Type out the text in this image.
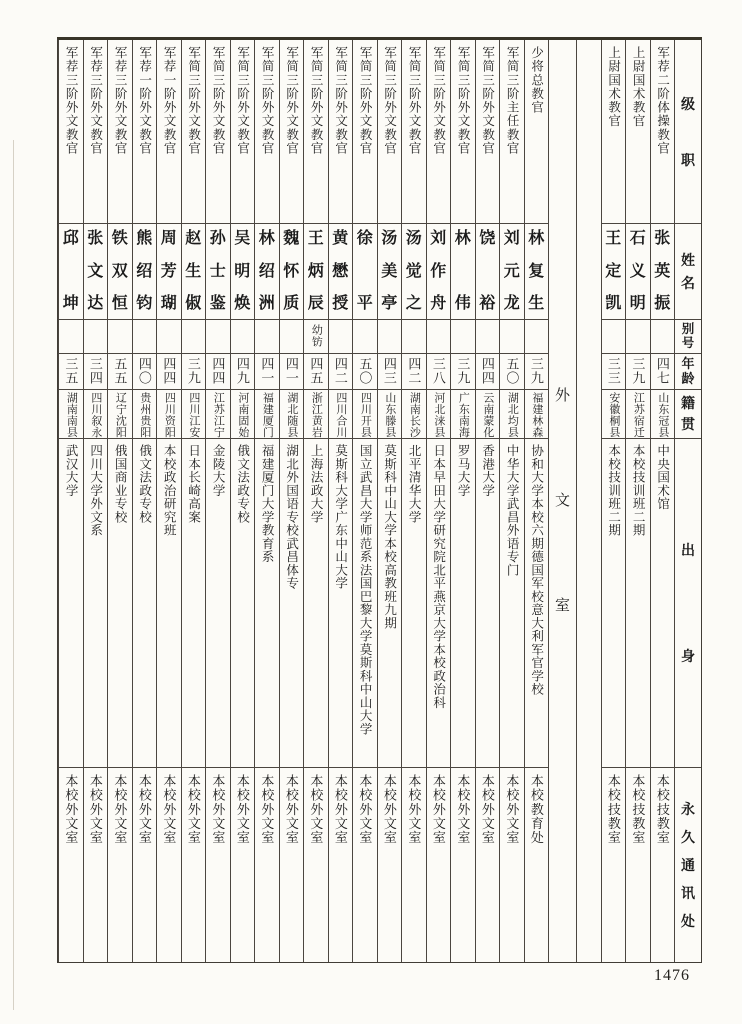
级
职
姓
名
别
号
年
龄
籍
贯
出
身
永
久
通
讯
处
军荐二阶体操教官
张
英
振
四七
山东冠县
中央国术馆
本校技教室
上尉国术教官
石
义
明
三九
江苏宿迁
本校技训班二期
本校技教室
上尉国术教官
王
定
凯
三三
安徽桐县
本校技训班二期
本校技教室
外
文
室
少将总教官
林
复
生
三九
福建林森
协和大学本校六期德国军校意大利军官学校
本校教育处
军简三阶主任教官
刘
元
龙
五〇
湖北均县
中华大学武昌外语专门
本校外文室
军简三阶外文教官
饶
裕
四四
云南蒙化
香港大学
本校外文室
军简三阶外文教官
林
伟
三九
广东南海
罗马大学
本校外文室
军简三阶外文教官
刘
作
舟
三八
河北涞县
日本早田大学研究院北平燕京大学本校政治科
本校外文室
军简三阶外文教官
汤
觉
之
四二
湖南长沙
北平清华大学
本校外文室
军简三阶外文教官
汤
美
亭
四三
山东滕县
莫斯科中山大学本校高教班九期
本校外文室
军简三阶外文教官
徐
平
五〇
四川开县
国立武昌大学师范系法国巴黎大学莫斯科中山大学
本校外文室
军简三阶外文教官
黄
懋
授
四二
四川合川
莫斯科大学广东中山大学
本校外文室
军简三阶外文教官
王
炳
辰
幼钫
四五
浙江黄岩
上海法政大学
本校外文室
军简三阶外文教官
魏
怀
质
四一
湖北随县
湖北外国语专校武昌体专
本校外文室
军简三阶外文教官
林
绍
洲
四一
福建厦门
福建厦门大学教育系
本校外文室
军简三阶外文教官
吴
明
焕
四九
河南固始
俄文法政专校
本校外文室
军简三阶外文教官
孙
士
鉴
四四
江苏江宁
金陵大学
本校外文室
军简三阶外文教官
赵
生
俶
三九
四川江安
日本长崎高案
本校外文室
军荐一阶外文教官
周
芳
瑚
四四
四川资阳
本校政治研究班
本校外文室
军荐一阶外文教官
熊
绍
钧
四〇
贵州贵阳
俄文法政专校
本校外文室
军荐三阶外文教官
铁
双
恒
五五
辽宁沈阳
俄国商业专校
本校外文室
军荐三阶外文教官
张
文
达
三四
四川叙永
四川大学外文系
本校外文室
军荐三阶外文教官
邱
坤
三五
湖南南县
武汉大学
本校外文室
1476
